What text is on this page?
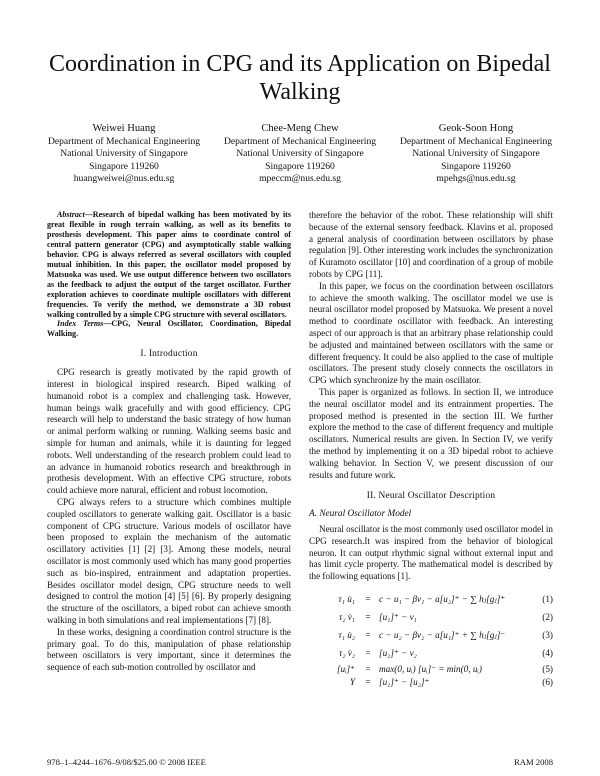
Coordination in CPG and its Application on Bipedal Walking
Weiwei Huang
Department of Mechanical Engineering
National University of Singapore
Singapore 119260
huangweiwei@nus.edu.sg
Chee-Meng Chew
Department of Mechanical Engineering
National University of Singapore
Singapore 119260
mpeccm@nus.edu.sg
Geok-Soon Hong
Department of Mechanical Engineering
National University of Singapore
Singapore 119260
mpehgs@nus.edu.sg

Abstract—Research of bipedal walking has been motivated by its great flexible in rough terrain walking, as well as its benefits to prosthesis development. This paper aims to coordinate control of central pattern generator (CPG) and asymptotically stable walking behavior. CPG is always referred as several oscillators with coupled mutual inhibition. In this paper, the oscillator model proposed by Matsuoka was used. We use output difference between two oscillators as the feedback to adjust the output of the target oscillator. Further exploration achieves to coordinate multiple oscillators with different frequencies. To verify the method, we demonstrate a 3D robust walking controlled by a simple CPG structure with several oscillators.

Index Terms—CPG, Neural Oscillator, Coordination, Bipedal Walking.

I. Introduction

CPG research is greatly motivated by the rapid growth of interest in biological inspired research. Biped walking of humanoid robot is a complex and challenging task. However, human beings walk gracefully and with good efficiency. CPG research will help to understand the basic strategy of how human or animal perform walking or running. Walking seems basic and simple for human and animals, while it is daunting for legged robots. Well understanding of the research problem could lead to an advance in humanoid robotics research and breakthrough in prothesis development. With an effective CPG structure, robots could achieve more natural, efficient and robust locomotion.

CPG always refers to a structure which combines multiple coupled oscillators to generate walking gait. Oscillator is a basic component of CPG structure. Various models of oscillator have been proposed to explain the mechanism of the automatic oscillatory activities [1] [2] [3]. Among these models, neural oscillator is most commonly used which has many good properties such as bio-inspired, entrainment and adaptation properties. Besides oscillator model design, CPG structure needs to well designed to control the motion [4] [5] [6]. By properly designing the structure of the oscillators, a biped robot can achieve smooth walking in both simulations and real implementations [7] [8].

In these works, designing a coordination control structure is the primary goal. To do this, manipulation of phase relationship between oscillators is very important, since it determines the sequence of each sub-motion controlled by oscillator and

therefore the behavior of the robot. These relationship will shift because of the external sensory feedback. Klavins et al. proposed a general analysis of coordination between oscillators by phase regulation [9]. Other interesting work includes the synchronization of Kuramoto oscillator [10] and coordination of a group of mobile robots by CPG [11].

In this paper, we focus on the coordination between oscillators to achieve the smooth walking. The oscillator model we use is neural oscillator model proposed by Matsuoka. We present a novel method to coordinate oscillator with feedback. An interesting aspect of our approach is that an arbitrary phase relationship could be adjusted and maintained between oscillators with the same or different frequency. It could be also applied to the case of multiple oscillators. The present study closely connects the oscillators in CPG which synchronize by the main oscillator.

This paper is organized as follows. In section II, we introduce the neural oscillator model and its entrainment properties. The proposed method is presented in the section III. We further explore the method to the case of different frequency and multiple oscillators. Numerical results are given. In Section IV, we verify the method by implementing it on a 3D bipedal robot to achieve walking behavior. In Section V, we present discussion of our results and future work.

II. Neural Oscillator Description
A. Neural Oscillator Model

Neural oscillator is the most commonly used oscillator model in CPG research.It was inspired from the behavior of biological neuron. It can output rhythmic signal without external input and has limit cycle property. The mathematical model is described by the following equations [1].

τ₁ u̇₁	= c − u₁ − βv₁ − a[u₂]⁺ − ∑ hⱼ[gⱼ]⁺	(1)
τ₂ v̇₁	= [u₁]⁺ − v₁	(2)
τ₁ u̇₂	= c − u₂ − βv₂ − a[u₁]⁺ + ∑ hⱼ[gⱼ]⁻	(3)
τ₂ v̇₂	= [u₂]⁺ − v₂	(4)
[uᵢ]⁺	= max(0, uᵢ) [uᵢ]⁻ = min(0, uᵢ)	(5)
Y	= [u₁]⁺ − [u₂]⁺	(6)
978–1–4244–1676–9/08/$25.00 © 2008 IEEE	RAM 2008
